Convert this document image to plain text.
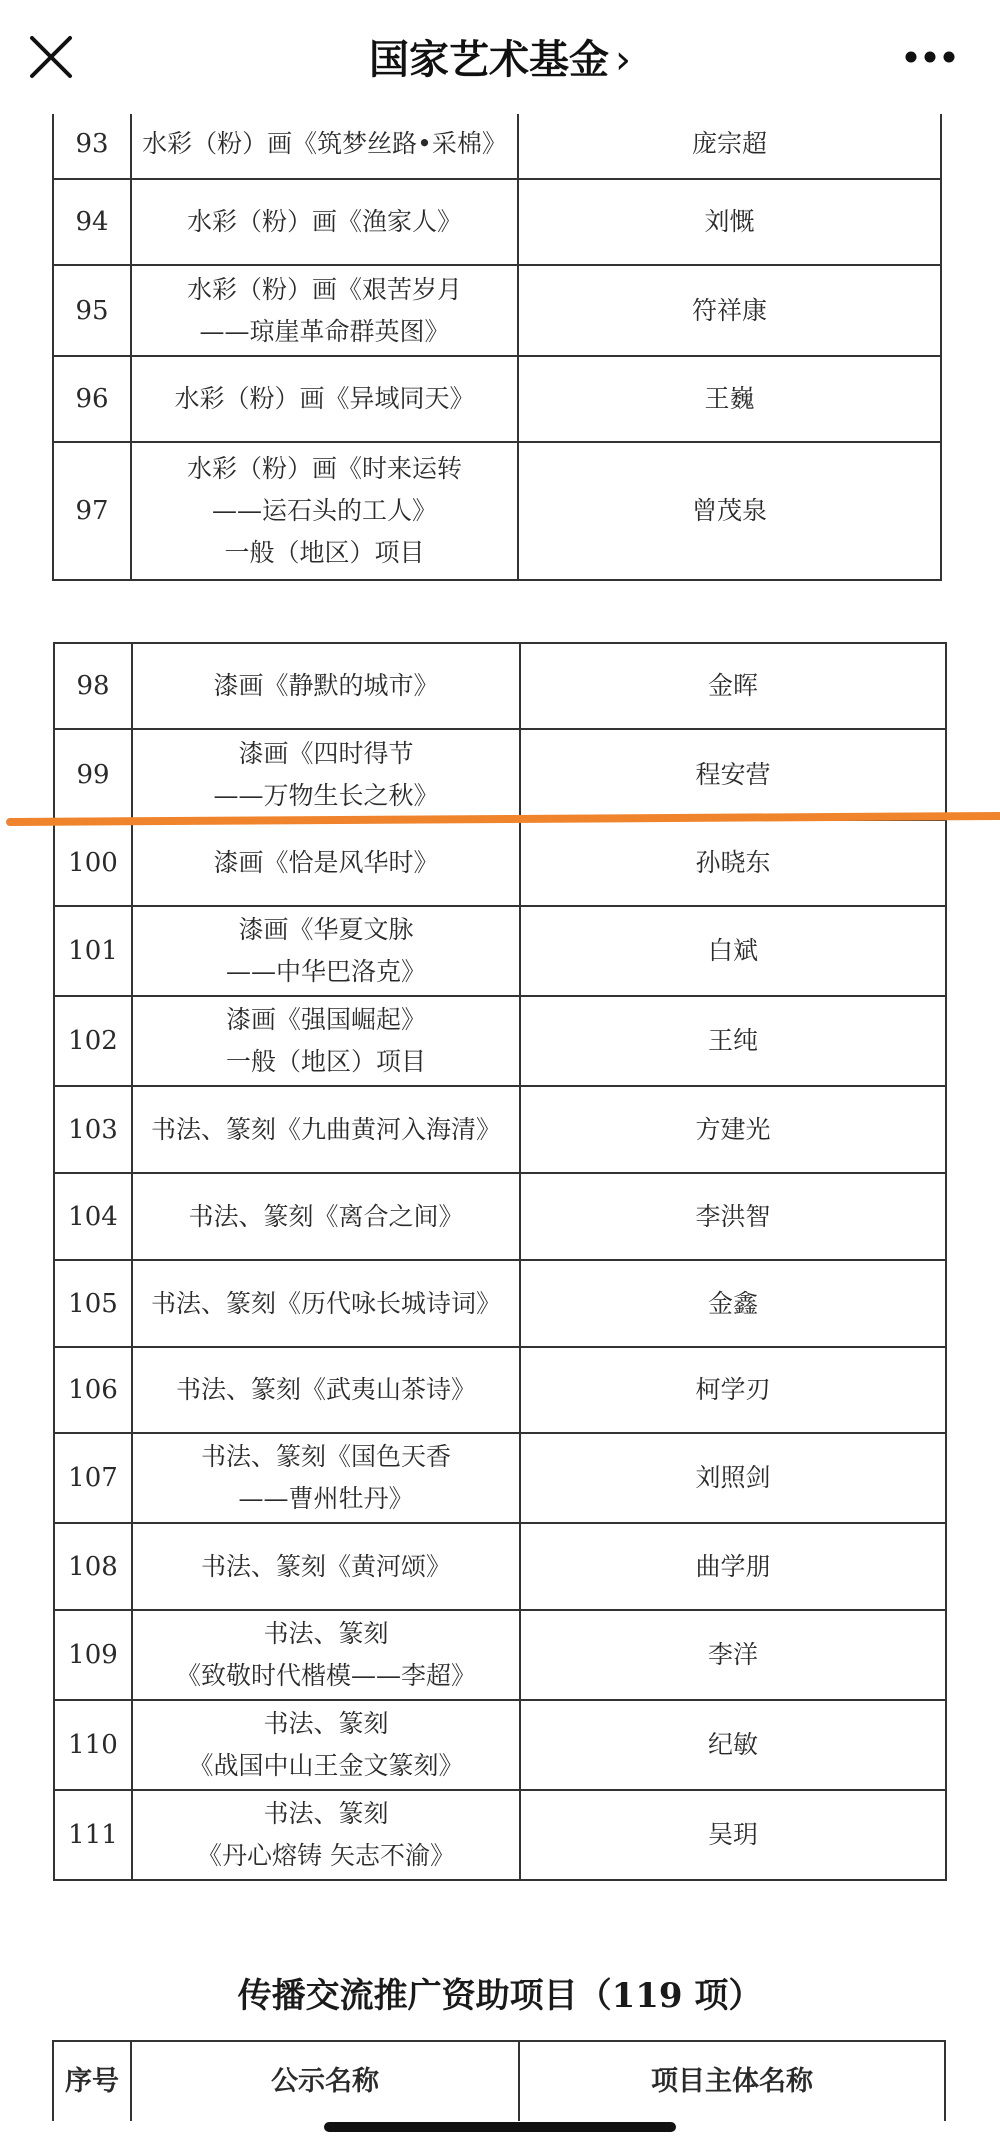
国家艺术基金 ›
93	水彩（粉）画《筑梦丝路•采棉》	庞宗超
94	水彩（粉）画《渔家人》	刘慨
95	水彩（粉）画《艰苦岁月
——琼崖革命群英图》	符祥康
96	水彩（粉）画《异域同天》	王巍
97	水彩（粉）画《时来运转
——运石头的工人》
一般（地区）项目	曾茂泉
98	漆画《静默的城市》	金晖
99	漆画《四时得节
——万物生长之秋》	程安营
100	漆画《恰是风华时》	孙晓东
101	漆画《华夏文脉
——中华巴洛克》	白斌
102	漆画《强国崛起》
一般（地区）项目	王纯
103	书法、篆刻《九曲黄河入海清》	方建光
104	书法、篆刻《离合之间》	李洪智
105	书法、篆刻《历代咏长城诗词》	金鑫
106	书法、篆刻《武夷山茶诗》	柯学刃
107	书法、篆刻《国色天香
——曹州牡丹》	刘照剑
108	书法、篆刻《黄河颂》	曲学朋
109	书法、篆刻
《致敬时代楷模——李超》	李洋
110	书法、篆刻
《战国中山王金文篆刻》	纪敏
111	书法、篆刻
《丹心熔铸 矢志不渝》	吴玥
传播交流推广资助项目（119 项）
序号	公示名称	项目主体名称
